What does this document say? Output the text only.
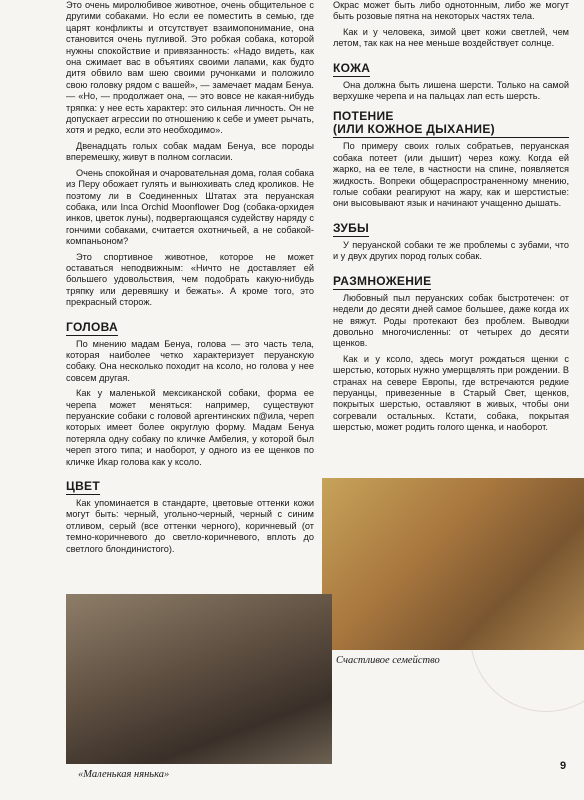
Это очень миролюбивое животное, очень общительное с другими собаками. Но если ее поместить в семью, где царят конфликты и отсутствует взаимопонимание, она становится очень пугливой. Это робкая собака, которой нужны спокойствие и привязанность: «Надо видеть, как она сжимает вас в объятиях своими лапами, как будто дитя обвило вам шею своими ручонками и положило свою головку рядом с вашей», — замечает мадам Бенуа. — «Но, — продолжает она, — это вовсе не какая-нибудь тряпка: у нее есть характер: это сильная личность. Он не допускает агрессии по отношению к себе и умеет рычать, хотя и редко, если это необходимо».

Двенадцать голых собак мадам Бенуа, все породы вперемешку, живут в полном согласии.

Очень спокойная и очаровательная дома, голая собака из Перу обожает гулять и вынюхивать след кроликов. Не поэтому ли в Соединенных Штатах эта перуанская собака, или Inca Orchid Moonflower Dog (собака-орхидея инков, цветок луны), подвергающаяся судейству наряду с гончими собаками, считается охотничьей, а не собакой-компаньоном?

Это спортивное животное, которое не может оставаться неподвижным: «Ничто не доставляет ей большего удовольствия, чем подобрать какую-нибудь тряпку или деревяшку и бежать». А кроме того, это прекрасный сторож.

ГОЛОВА

По мнению мадам Бенуа, голова — это часть тела, которая наиболее четко характеризует перуанскую собаку. Она несколько походит на ксоло, но голова у нее совсем другая.

Как у маленькой мексиканской собаки, форма ее черепа может меняться: например, существуют перуанские собаки с головой аргентинских п@ила, череп которых имеет более округлую форму. Мадам Бенуа потеряла одну собаку по кличке Амбелия, у которой был череп этого типа; и наоборот, у одного из ее щенков по кличке Икар голова как у ксоло.

ЦВЕТ

Как упоминается в стандарте, цветовые оттенки кожи могут быть: черный, угольно-черный, черный с синим отливом, серый (все оттенки черного), коричневый (от темно-коричневого до светло-коричневого, вплоть до светлого блондинистого).

Окрас может быть либо однотонным, либо же могут быть розовые пятна на некоторых частях тела.

Как и у человека, зимой цвет кожи светлей, чем летом, так как на нее меньше воздействует солнце.

КОЖА

Она должна быть лишена шерсти. Только на самой верхушке черепа и на пальцах лап есть шерсть.

ПОТЕНИЕ
(ИЛИ КОЖНОЕ ДЫХАНИЕ)

По примеру своих голых собратьев, перуанская собака потеет (или дышит) через кожу. Когда ей жарко, на ее теле, в частности на спине, появляется жидкость. Вопреки общераспространенному мнению, голые собаки реагируют на жару, как и шерстистые: они высовывают язык и начинают учащенно дышать.

ЗУБЫ

У перуанской собаки те же проблемы с зубами, что и у двух других пород голых собак.

РАЗМНОЖЕНИЕ

Любовный пыл перуанских собак быстротечен: от недели до десяти дней самое большее, даже когда их не вяжут. Роды протекают без проблем. Выводки довольно многочисленны: от четырех до десяти щенков.

Как и у ксоло, здесь могут рождаться щенки с шерстью, которых нужно умерщвлять при рождении. В странах на севере Европы, где встречаются редкие перуанцы, привезенные в Старый Свет, щенков, покрытых шерстью, оставляют в живых, чтобы они согревали остальных. Кстати, собака, покрытая шерстью, может родить голого щенка, и наоборот.

Счастливое семейство
«Маленькая нянька»
9
